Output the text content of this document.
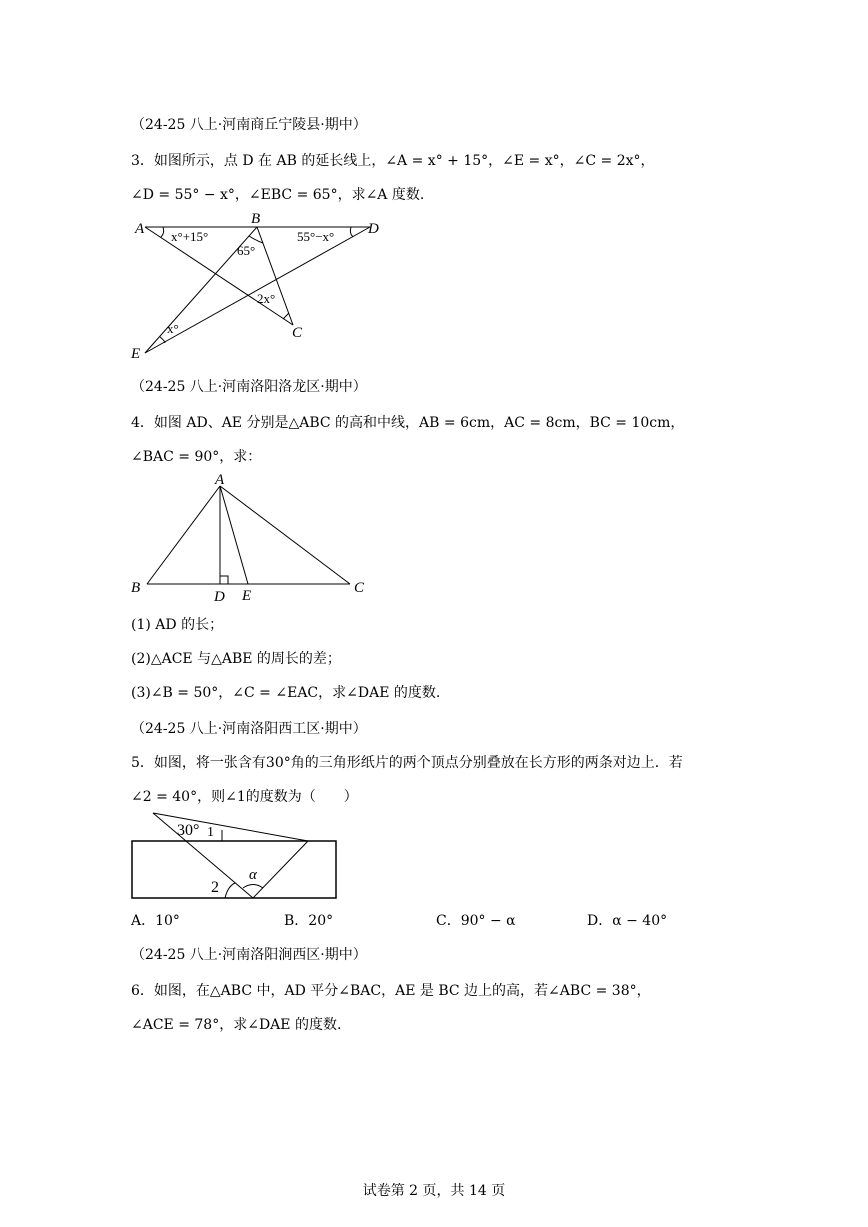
（24-25 八上·河南商丘宁陵县·期中）
3．如图所示，点 D 在 AB 的延长线上，∠A = x° + 15°，∠E = x°，∠C = 2x°，
∠D = 55° − x°，∠EBC = 65°，求∠A 度数.
A
B
D
C
E
x°+15°
65°
55°−x°
2x°
x°
（24-25 八上·河南洛阳洛龙区·期中）
4．如图 AD、AE 分别是△ABC 的高和中线，AB = 6cm，AC = 8cm，BC = 10cm，
∠BAC = 90°，求：
A
B	C
D E
(1) AD 的长；
(2)△ACE 与△ABE 的周长的差；
(3)∠B = 50°，∠C = ∠EAC，求∠DAE 的度数.
（24-25 八上·河南洛阳西工区·期中）
5．如图，将一张含有30°角的三角形纸片的两个顶点分别叠放在长方形的两条对边上．若
∠2 = 40°，则∠1的度数为（　　）
30° 1
2
α
A．10°	B．20°	C．90° − α	D．α − 40°
（24-25 八上·河南洛阳涧西区·期中）
6．如图，在△ABC 中，AD 平分∠BAC，AE 是 BC 边上的高，若∠ABC = 38°，
∠ACE = 78°，求∠DAE 的度数.
试卷第 2 页，共 14 页
